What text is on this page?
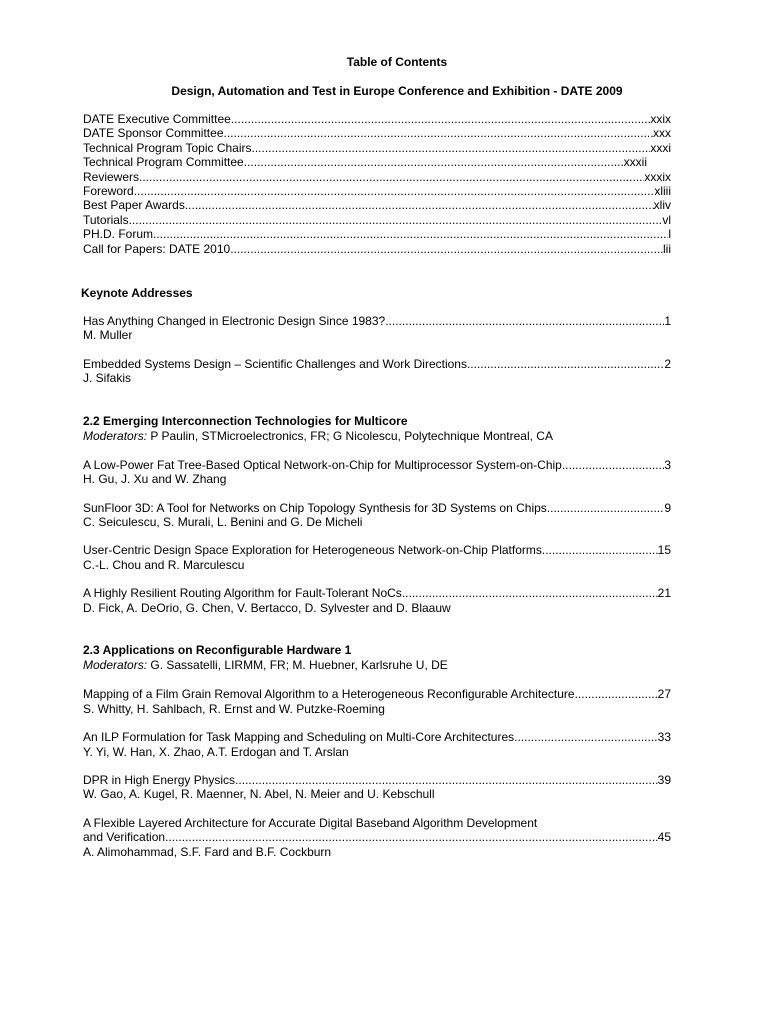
Table of Contents
Design, Automation and Test in Europe Conference and Exhibition - DATE 2009
DATE Executive Committee .....	xxix
DATE Sponsor Committee .....	xxx
Technical Program Topic Chairs .....	xxxi
Technical Program Committee .....	xxxii
Reviewers .....	xxxix
Foreword .....	xliii
Best Paper Awards .....	xliv
Tutorials .....	vl
PH.D. Forum .....	l
Call for Papers: DATE 2010 .....	lii
Keynote Addresses
Has Anything Changed in Electronic Design Since 1983? .....	1
M. Muller
Embedded Systems Design – Scientific Challenges and Work Directions .....	2
J. Sifakis
2.2 Emerging Interconnection Technologies for Multicore
Moderators: P Paulin, STMicroelectronics, FR; G Nicolescu, Polytechnique Montreal, CA
A Low-Power Fat Tree-Based Optical Network-on-Chip for Multiprocessor System-on-Chip .....	3
H. Gu, J. Xu and W. Zhang
SunFloor 3D: A Tool for Networks on Chip Topology Synthesis for 3D Systems on Chips .....	9
C. Seiculescu, S. Murali, L. Benini and G. De Micheli
User-Centric Design Space Exploration for Heterogeneous Network-on-Chip Platforms .....	15
C.-L. Chou and R. Marculescu
A Highly Resilient Routing Algorithm for Fault-Tolerant NoCs .....	21
D. Fick, A. DeOrio, G. Chen, V. Bertacco, D. Sylvester and D. Blaauw
2.3 Applications on Reconfigurable Hardware 1
Moderators: G. Sassatelli, LIRMM, FR; M. Huebner, Karlsruhe U, DE
Mapping of a Film Grain Removal Algorithm to a Heterogeneous Reconfigurable Architecture .....	27
S. Whitty, H. Sahlbach, R. Ernst and W. Putzke-Roeming
An ILP Formulation for Task Mapping and Scheduling on Multi-Core Architectures .....	33
Y. Yi, W. Han, X. Zhao, A.T. Erdogan and T. Arslan
DPR in High Energy Physics .....	39
W. Gao, A. Kugel, R. Maenner, N. Abel, N. Meier and U. Kebschull
A Flexible Layered Architecture for Accurate Digital Baseband Algorithm Development
and Verification .....	45
A. Alimohammad, S.F. Fard and B.F. Cockburn
